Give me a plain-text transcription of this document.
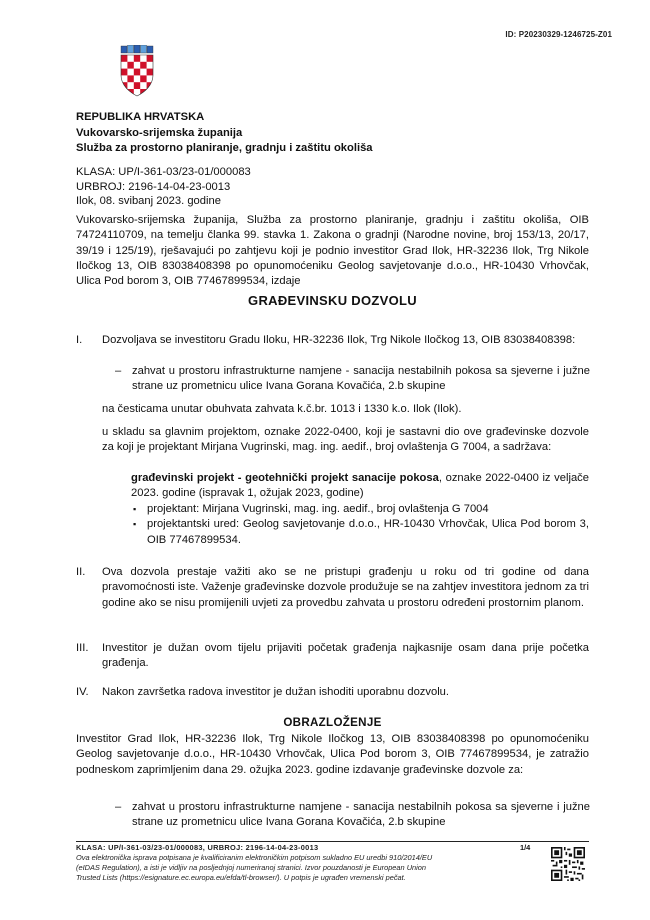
ID: P20230329-1246725-Z01
REPUBLIKA HRVATSKA
Vukovarsko-srijemska županija
Služba za prostorno planiranje, gradnju i zaštitu okoliša
KLASA: UP/I-361-03/23-01/000083
URBROJ: 2196-14-04-23-0013
Ilok, 08. svibanj 2023. godine
Vukovarsko-srijemska županija, Služba za prostorno planiranje, gradnju i zaštitu okoliša, OIB 74724110709, na temelju članka 99. stavka 1. Zakona o gradnji (Narodne novine, broj 153/13, 20/17, 39/19 i 125/19), rješavajući po zahtjevu koji je podnio investitor Grad Ilok, HR-32236 Ilok, Trg Nikole Iločkog 13, OIB 83038408398 po opunomoćeniku Geolog savjetovanje d.o.o., HR-10430 Vrhovčak, Ulica Pod borom 3, OIB 77467899534, izdaje
GRAĐEVINSKU DOZVOLU
I. Dozvoljava se investitoru Gradu Iloku, HR-32236 Ilok, Trg Nikole Iločkog 13, OIB 83038408398:
– zahvat u prostoru infrastrukturne namjene - sanacija nestabilnih pokosa sa sjeverne i južne strane uz prometnicu ulice Ivana Gorana Kovačića, 2.b skupine
na česticama unutar obuhvata zahvata k.č.br. 1013 i 1330 k.o. Ilok (Ilok).
u skladu sa glavnim projektom, oznake 2022-0400, koji je sastavni dio ove građevinske dozvole za koji je projektant Mirjana Vugrinski, mag. ing. aedif., broj ovlaštenja G 7004, a sadržava:
građevinski projekt - geotehnički projekt sanacije pokosa, oznake 2022-0400 iz veljače 2023. godine (ispravak 1, ožujak 2023, godine)
▪ projektant: Mirjana Vugrinski, mag. ing. aedif., broj ovlaštenja G 7004
▪ projektantski ured: Geolog savjetovanje d.o.o., HR-10430 Vrhovčak, Ulica Pod borom 3, OIB 77467899534.
II. Ova dozvola prestaje važiti ako se ne pristupi građenju u roku od tri godine od dana pravomoćnosti iste. Važenje građevinske dozvole produžuje se na zahtjev investitora jednom za tri godine ako se nisu promijenili uvjeti za provedbu zahvata u prostoru određeni prostornim planom.
III. Investitor je dužan ovom tijelu prijaviti početak građenja najkasnije osam dana prije početka građenja.
IV. Nakon završetka radova investitor je dužan ishoditi uporabnu dozvolu.
OBRAZLOŽENJE
Investitor Grad Ilok, HR-32236 Ilok, Trg Nikole Iločkog 13, OIB 83038408398 po opunomoćeniku Geolog savjetovanje d.o.o., HR-10430 Vrhovčak, Ulica Pod borom 3, OIB 77467899534, je zatražio podneskom zaprimljenim dana 29. ožujka 2023. godine izdavanje građevinske dozvole za:
– zahvat u prostoru infrastrukturne namjene - sanacija nestabilnih pokosa sa sjeverne i južne strane uz prometnicu ulice Ivana Gorana Kovačića, 2.b skupine
KLASA: UP/I-361-03/23-01/000083, URBROJ: 2196-14-04-23-0013
Ova elektronička isprava potpisana je kvalificiranim elektroničkim potpisom sukladno EU uredbi 910/2014/EU
(eIDAS Regulation), a isti je vidljiv na posljednjoj numeriranoj stranici. Izvor pouzdanosti je European Union
Trusted Lists (https://esignature.ec.europa.eu/efda/tl-browser/). U potpis je ugrađen vremenski pečat.
1/4
